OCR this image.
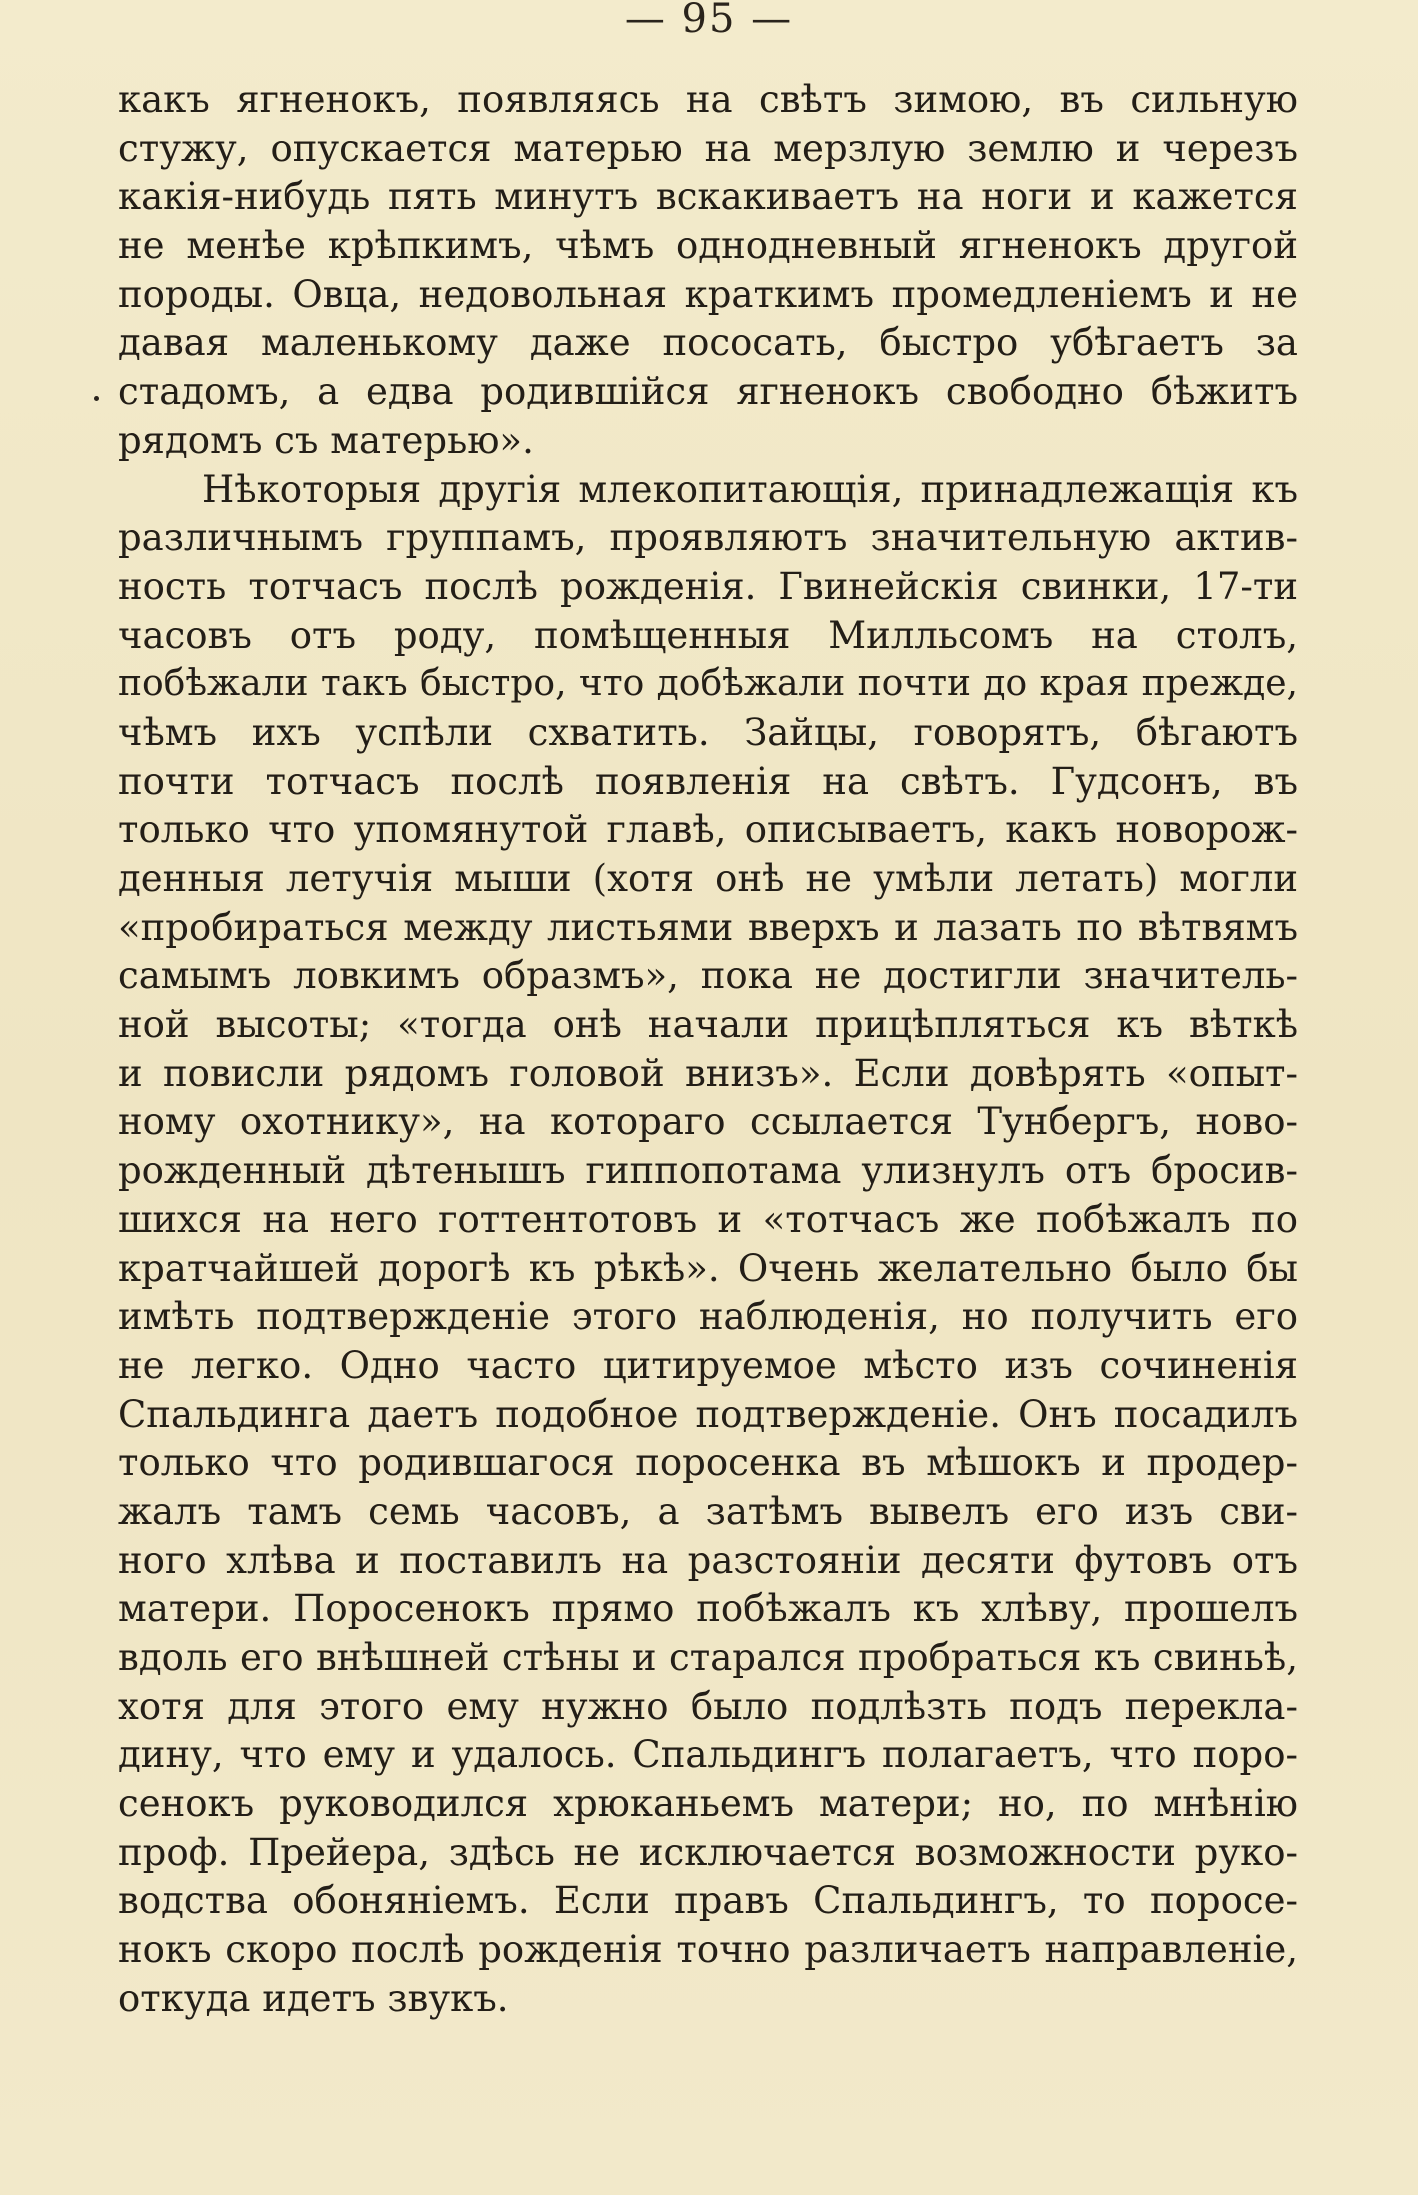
— 95 —
какъ ягненокъ, появляясь на свѣтъ зимою, въ сильную
стужу, опускается матерью на мерзлую землю и черезъ
какія-нибудь пять минутъ вскакиваетъ на ноги и кажется
не менѣе крѣпкимъ, чѣмъ однодневный ягненокъ другой
породы. Овца, недовольная краткимъ промедленіемъ и не
давая маленькому даже пососать, быстро убѣгаетъ за
стадомъ, а едва родившійся ягненокъ свободно бѣжитъ
рядомъ съ матерью».
Нѣкоторыя другія млекопитающія, принадлежащія къ
различнымъ группамъ, проявляютъ значительную актив-
ность тотчасъ послѣ рожденія. Гвинейскія свинки, 17-ти
часовъ отъ роду, помѣщенныя Милльсомъ на столъ,
побѣжали такъ быстро, что добѣжали почти до края прежде,
чѣмъ ихъ успѣли схватить. Зайцы, говорятъ, бѣгаютъ
почти тотчасъ послѣ появленія на свѣтъ. Гудсонъ, въ
только что упомянутой главѣ, описываетъ, какъ новорож-
денныя летучія мыши (хотя онѣ не умѣли летать) могли
«пробираться между листьями вверхъ и лазать по вѣтвямъ
самымъ ловкимъ образмъ», пока не достигли значитель-
ной высоты; «тогда онѣ начали прицѣпляться къ вѣткѣ
и повисли рядомъ головой внизъ». Если довѣрять «опыт-
ному охотнику», на котораго ссылается Тунбергъ, ново-
рожденный дѣтенышъ гиппопотама улизнулъ отъ бросив-
шихся на него готтентотовъ и «тотчасъ же побѣжалъ по
кратчайшей дорогѣ къ рѣкѣ». Очень желательно было бы
имѣть подтвержденіе этого наблюденія, но получить его
не легко. Одно часто цитируемое мѣсто изъ сочиненія
Спальдинга даетъ подобное подтвержденіе. Онъ посадилъ
только что родившагося поросенка въ мѣшокъ и продер-
жалъ тамъ семь часовъ, а затѣмъ вывелъ его изъ сви-
ного хлѣва и поставилъ на разстояніи десяти футовъ отъ
матери. Поросенокъ прямо побѣжалъ къ хлѣву, прошелъ
вдоль его внѣшней стѣны и старался пробраться къ свиньѣ,
хотя для этого ему нужно было подлѣзть подъ перекла-
дину, что ему и удалось. Спальдингъ полагаетъ, что поро-
сенокъ руководился хрюканьемъ матери; но, по мнѣнію
проф. Прейера, здѣсь не исключается возможности руко-
водства обоняніемъ. Если правъ Спальдингъ, то поросе-
нокъ скоро послѣ рожденія точно различаетъ направленіе,
откуда идетъ звукъ.
